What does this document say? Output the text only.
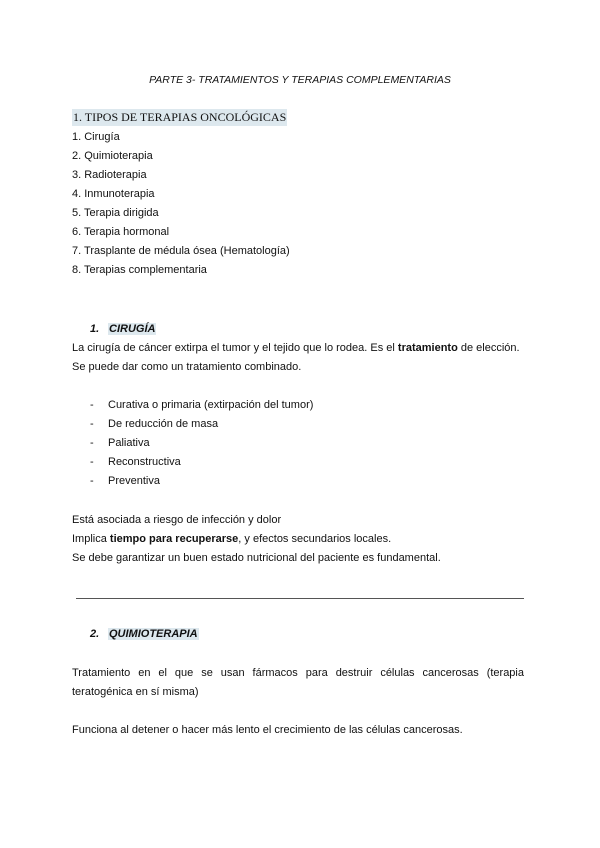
PARTE 3- TRATAMIENTOS Y TERAPIAS COMPLEMENTARIAS
1. TIPOS DE TERAPIAS ONCOLÓGICAS
1. Cirugía
2. Quimioterapia
3. Radioterapia
4. Inmunoterapia
5. Terapia dirigida
6. Terapia hormonal
7. Trasplante de médula ósea (Hematología)
8. Terapias complementaria
1. CIRUGÍA
La cirugía de cáncer extirpa el tumor y el tejido que lo rodea. Es el tratamiento de elección.
Se puede dar como un tratamiento combinado.
- Curativa o primaria (extirpación del tumor)
- De reducción de masa
- Paliativa
- Reconstructiva
- Preventiva
Está asociada a riesgo de infección y dolor
Implica tiempo para recuperarse, y efectos secundarios locales.
Se debe garantizar un buen estado nutricional del paciente es fundamental.
2. QUIMIOTERAPIA
Tratamiento en el que se usan fármacos para destruir células cancerosas (terapia teratogénica en sí misma)
Funciona al detener o hacer más lento el crecimiento de las células cancerosas.
